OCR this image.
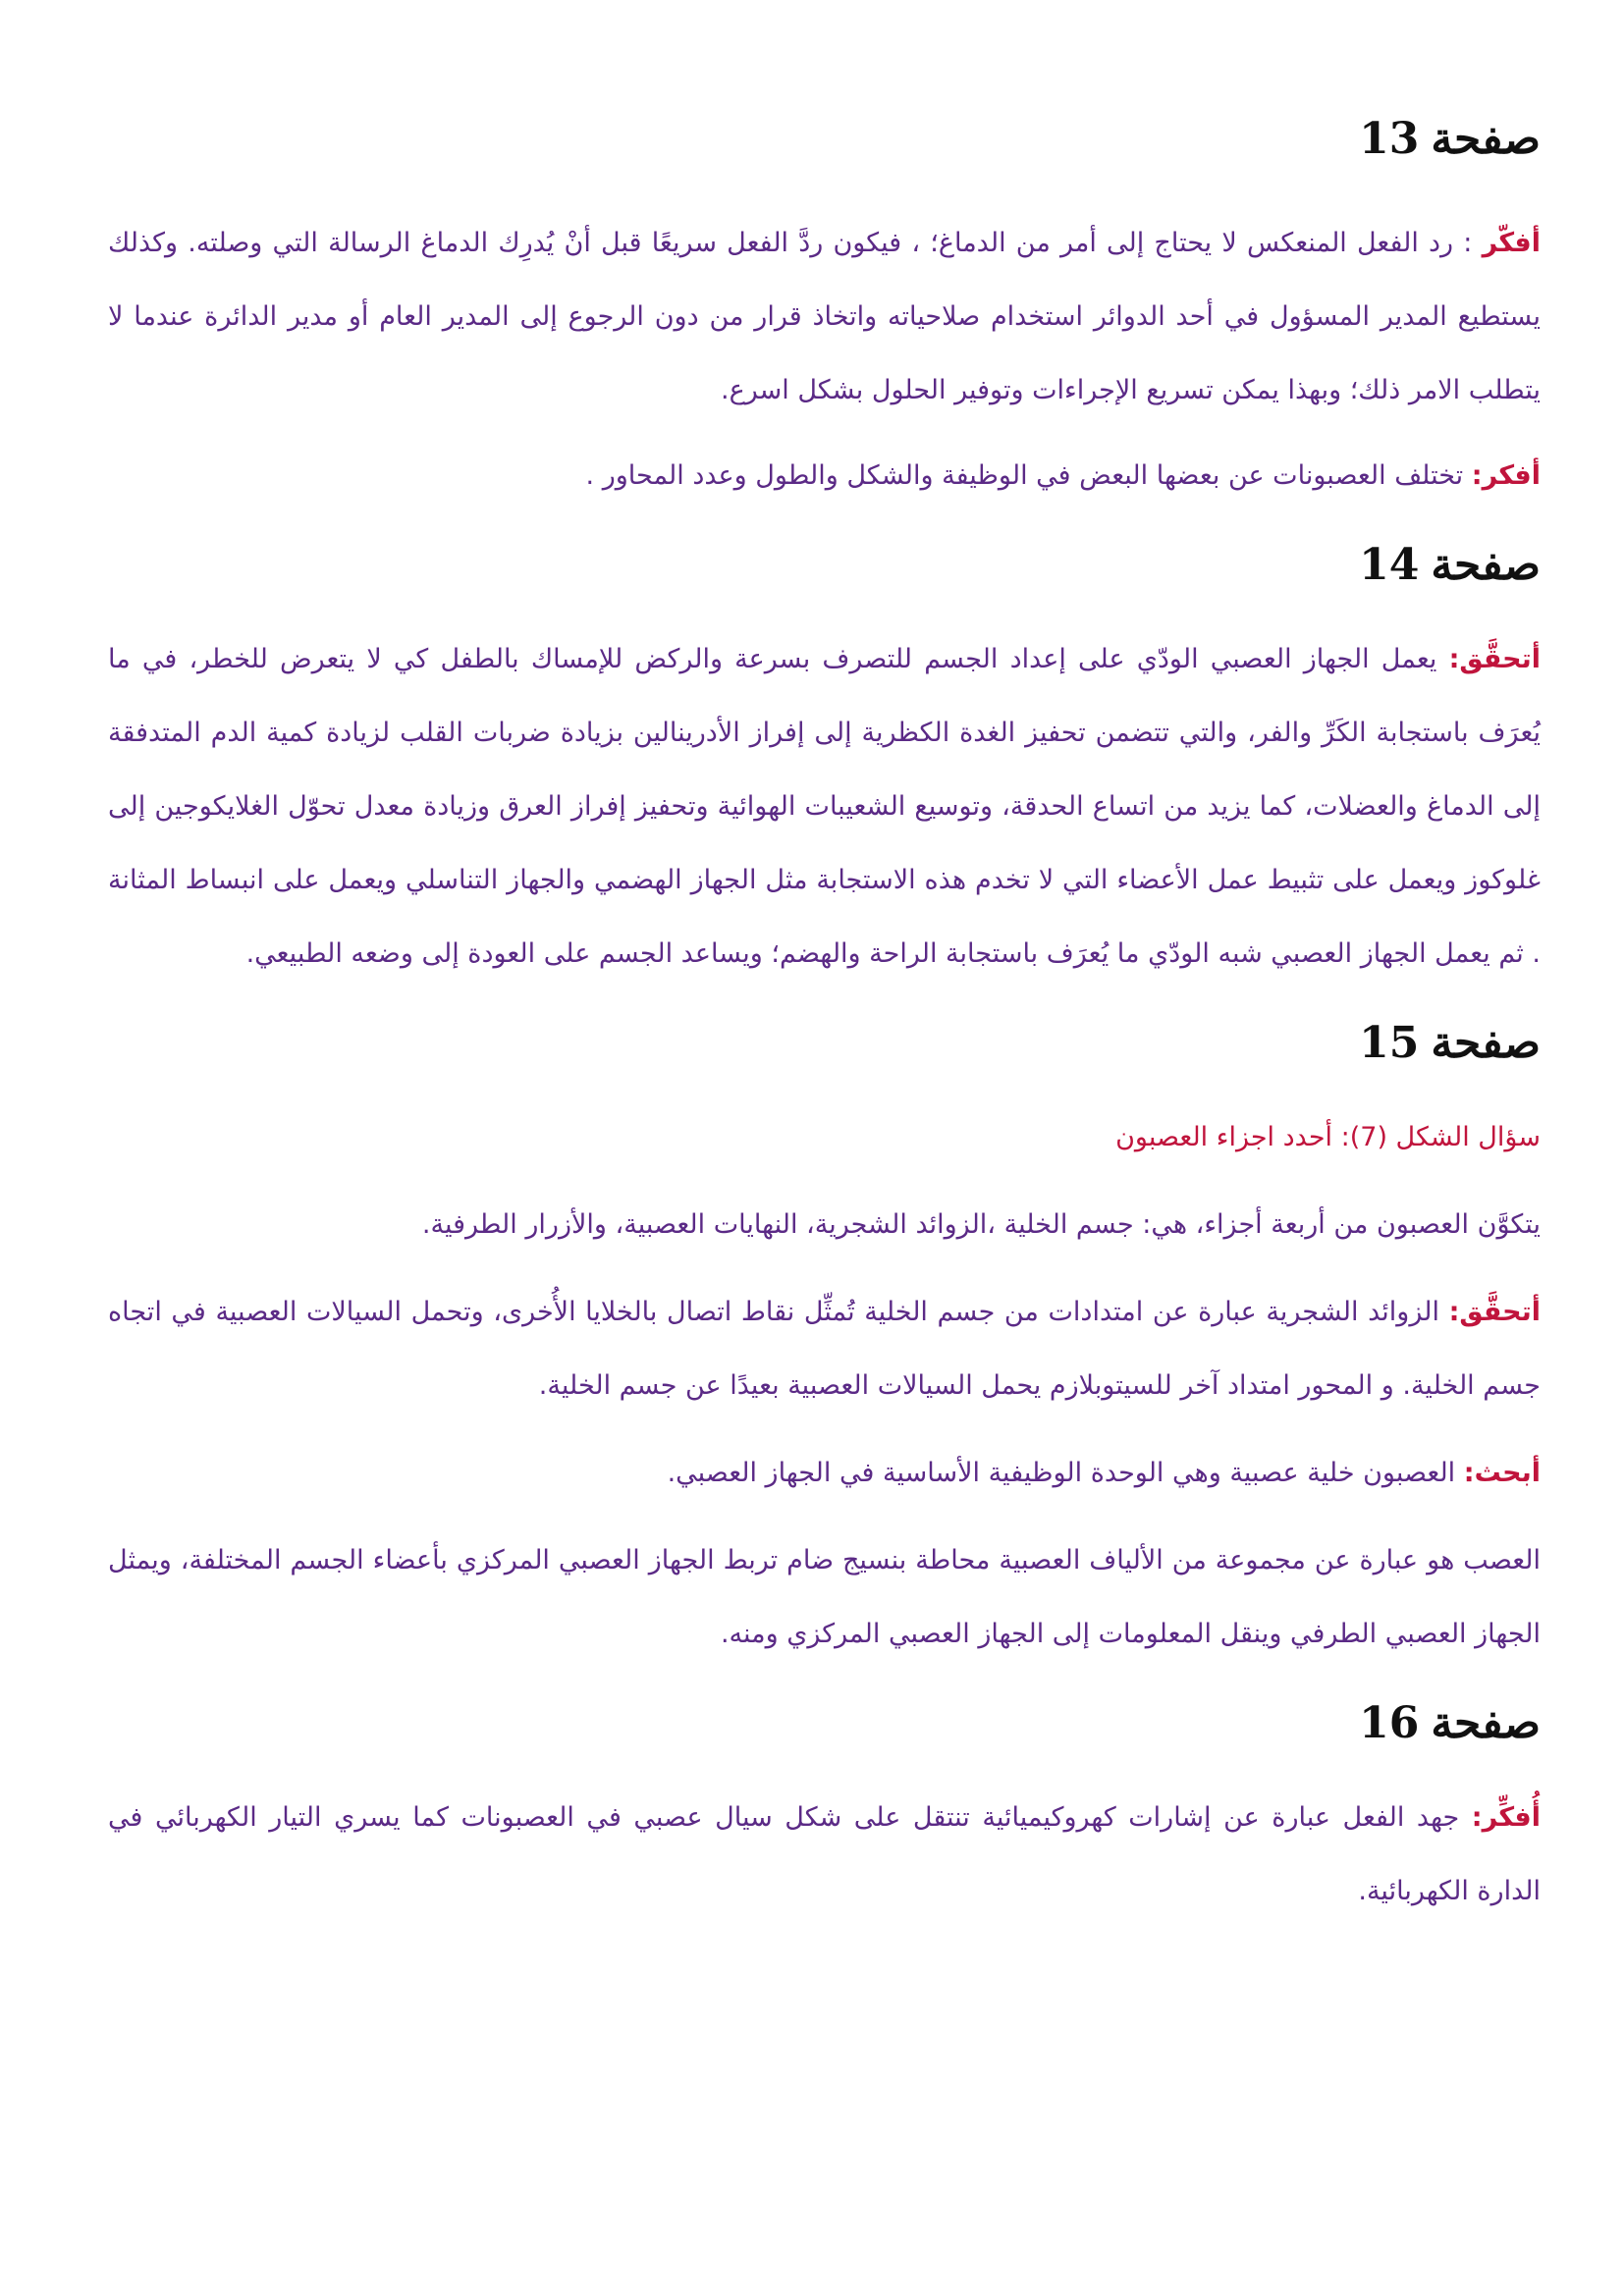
صفحة
13

أفكّر : رد الفعل المنعكس لا يحتاج إلى أمر من الدماغ؛ ، فيكون ردَّ الفعل سريعًا قبل أنْ يُدرِك الدماغ الرسالة التي وصلته. وكذلك يستطيع المدير المسؤول في أحد الدوائر استخدام صلاحياته واتخاذ قرار من دون الرجوع إلى المدير العام أو مدير الدائرة عندما لا يتطلب الامر ذلك؛ وبهذا يمكن تسريع الإجراءات وتوفير الحلول بشكل اسرع.

أفكر: تختلف العصبونات عن بعضها البعض في الوظيفة والشكل والطول وعدد المحاور .

صفحة
14

أتحقَّق: يعمل الجهاز العصبي الودّي على إعداد الجسم للتصرف بسرعة والركض للإمساك بالطفل كي لا يتعرض للخطر، في ما يُعرَف باستجابة الكَرِّ والفر، والتي تتضمن تحفيز الغدة الكظرية إلى إفراز الأدرينالين بزيادة ضربات القلب لزيادة كمية الدم المتدفقة إلى الدماغ والعضلات، كما يزيد من اتساع الحدقة، وتوسيع الشعيبات الهوائية وتحفيز إفراز العرق وزيادة معدل تحوّل الغلايكوجين إلى غلوكوز ويعمل على تثبيط عمل الأعضاء التي لا تخدم هذه الاستجابة مثل الجهاز الهضمي والجهاز التناسلي ويعمل على انبساط المثانة . ثم يعمل الجهاز العصبي شبه الودّي ما يُعرَف باستجابة الراحة والهضم؛ ويساعد الجسم على العودة إلى وضعه الطبيعي.

صفحة
15

سؤال الشكل (7): أحدد اجزاء العصبون

يتكوَّن العصبون من أربعة أجزاء، هي: جسم الخلية ،الزوائد الشجرية، النهايات العصبية، والأزرار الطرفية.

أتحقَّق: الزوائد الشجرية عبارة عن امتدادات من جسم الخلية تُمثِّل نقاط اتصال بالخلايا الأُخرى، وتحمل السيالات العصبية في اتجاه جسم الخلية. و المحور امتداد آخر للسيتوبلازم يحمل السيالات العصبية بعيدًا عن جسم الخلية.

أبحث: العصبون خلية عصبية وهي الوحدة الوظيفية الأساسية في الجهاز العصبي.

العصب هو عبارة عن مجموعة من الألياف العصبية محاطة بنسيج ضام تربط الجهاز العصبي المركزي بأعضاء الجسم المختلفة، ويمثل الجهاز العصبي الطرفي وينقل المعلومات إلى الجهاز العصبي المركزي ومنه.

صفحة
16

أُفكِّر: جهد الفعل عبارة عن إشارات كهروكيميائية تنتقل على شكل سيال عصبي في العصبونات كما يسري التيار الكهربائي في الدارة الكهربائية.
